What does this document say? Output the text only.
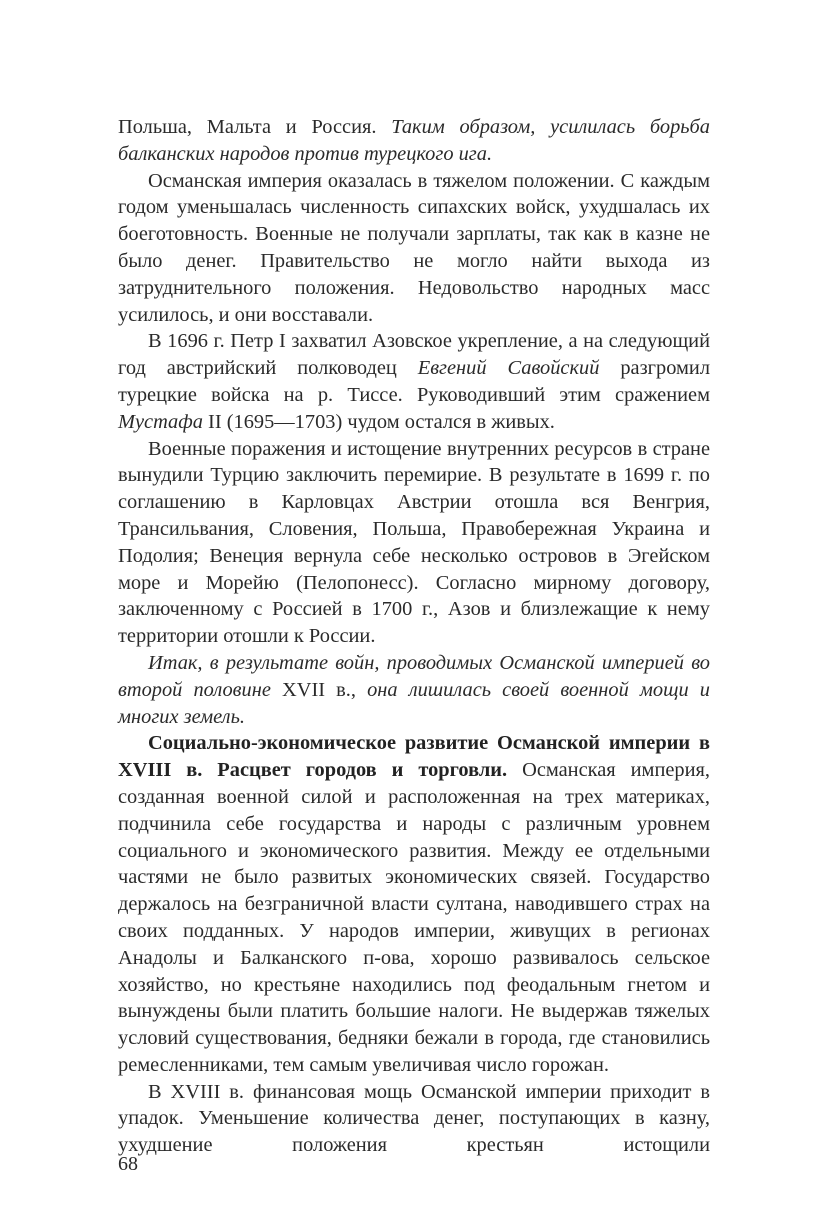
Польша, Мальта и Россия. Таким образом, усилилась борьба балканских народов против турецкого ига.

Османская империя оказалась в тяжелом положении. С каждым годом уменьшалась численность сипахских войск, ухудшалась их боеготовность. Военные не получали зарплаты, так как в казне не было денег. Правительство не могло найти выхода из затруднительного положения. Недовольство народных масс усилилось, и они восставали.

В 1696 г. Петр I захватил Азовское укрепление, а на следующий год австрийский полководец Евгений Савойский разгромил турецкие войска на р. Тиссе. Руководивший этим сражением Мустафа II (1695—1703) чудом остался в живых.

Военные поражения и истощение внутренних ресурсов в стране вынудили Турцию заключить перемирие. В результате в 1699 г. по соглашению в Карловцах Австрии отошла вся Венгрия, Трансильвания, Словения, Польша, Правобережная Украина и Подолия; Венеция вернула себе несколько островов в Эгейском море и Морейю (Пелопонесс). Согласно мирному договору, заключенному с Россией в 1700 г., Азов и близлежащие к нему территории отошли к России.

Итак, в результате войн, проводимых Османской империей во второй половине XVII в., она лишилась своей военной мощи и многих земель.

Социально-экономическое развитие Османской империи в XVIII в. Расцвет городов и торговли. Османская империя, созданная военной силой и расположенная на трех материках, подчинила себе государства и народы с различным уровнем социального и экономического развития. Между ее отдельными частями не было развитых экономических связей. Государство держалось на безграничной власти султана, наводившего страх на своих подданных. У народов империи, живущих в регионах Анадолы и Балканского п-ова, хорошо развивалось сельское хозяйство, но крестьяне находились под феодальным гнетом и вынуждены были платить большие налоги. Не выдержав тяжелых условий существования, бедняки бежали в города, где становились ремесленниками, тем самым увеличивая число горожан.

В XVIII в. финансовая мощь Османской империи приходит в упадок. Уменьшение количества денег, поступающих в казну, ухудшение положения крестьян истощили

68
